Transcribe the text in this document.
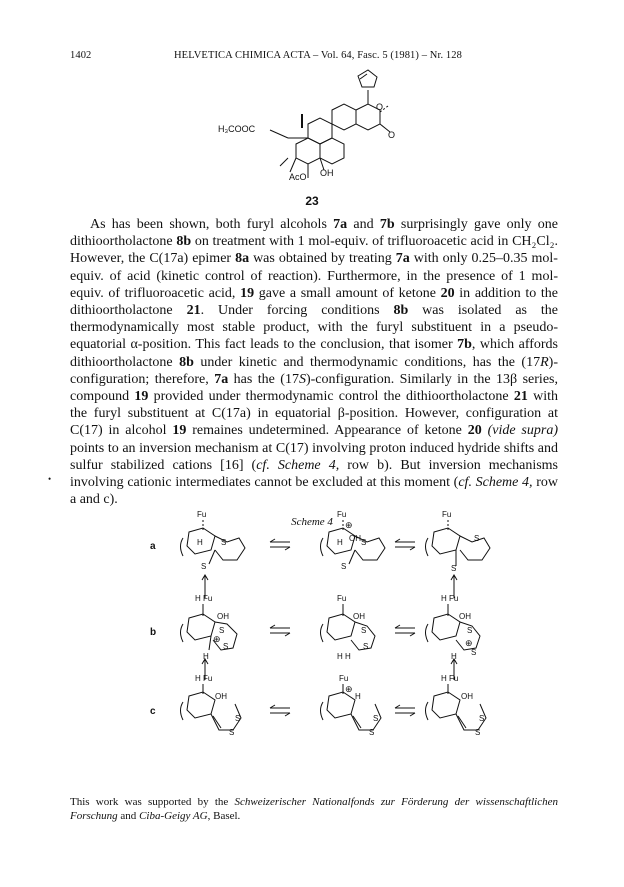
1402	HELVETICA CHIMICA ACTA – Vol. 64, Fasc. 5 (1981) – Nr. 128
H₃COOC
O
O
AcO OH
23

As has been shown, both furyl alcohols 7a and 7b surprisingly gave only one dithioortholactone 8b on treatment with 1 mol-equiv. of trifluoroacetic acid in CH₂Cl₂. However, the C(17a) epimer 8a was obtained by treating 7a with only 0.25–0.35 mol-equiv. of acid (kinetic control of reaction). Furthermore, in the presence of 1 mol-equiv. of trifluoroacetic acid, 19 gave a small amount of ketone 20 in addition to the dithioortholactone 21. Under forcing conditions 8b was isolated as the thermodynamically most stable product, with the furyl substituent in a pseudo-equatorial α-position. This fact leads to the conclusion, that isomer 7b, which affords dithioortholactone 8b under kinetic and thermodynamic conditions, has the (17R)-configuration; therefore, 7a has the (17S)-configuration. Similarly in the 13β series, compound 19 provided under thermodynamic control the dithioortholactone 21 with the furyl substituent at C(17a) in equatorial β-position. However, configuration at C(17) in alcohol 19 remaines undetermined. Appearance of ketone 20 (vide supra) points to an inversion mechanism at C(17) involving proton induced hydride shifts and sulfur stabilized cations [16] (cf. Scheme 4, row b). But inversion mechanisms involving cationic intermediates cannot be excluded at this moment (cf. Scheme 4, row a and c).

•
Scheme 4
a
b
c
Fu
H S
S
Fu
⊕
H OH S
S
Fu
S
S
H Fu
OH
S
⊕
S
H
Fu
OH
S
S
H H
H Fu
OH
S
⊕
S
H
H Fu
OH
S
S
Fu
⊕
H
S
S
H Fu
OH
S
S
This work was supported by the Schweizerischer Nationalfonds zur Förderung der wissenschaftlichen Forschung and Ciba-Geigy AG, Basel.
